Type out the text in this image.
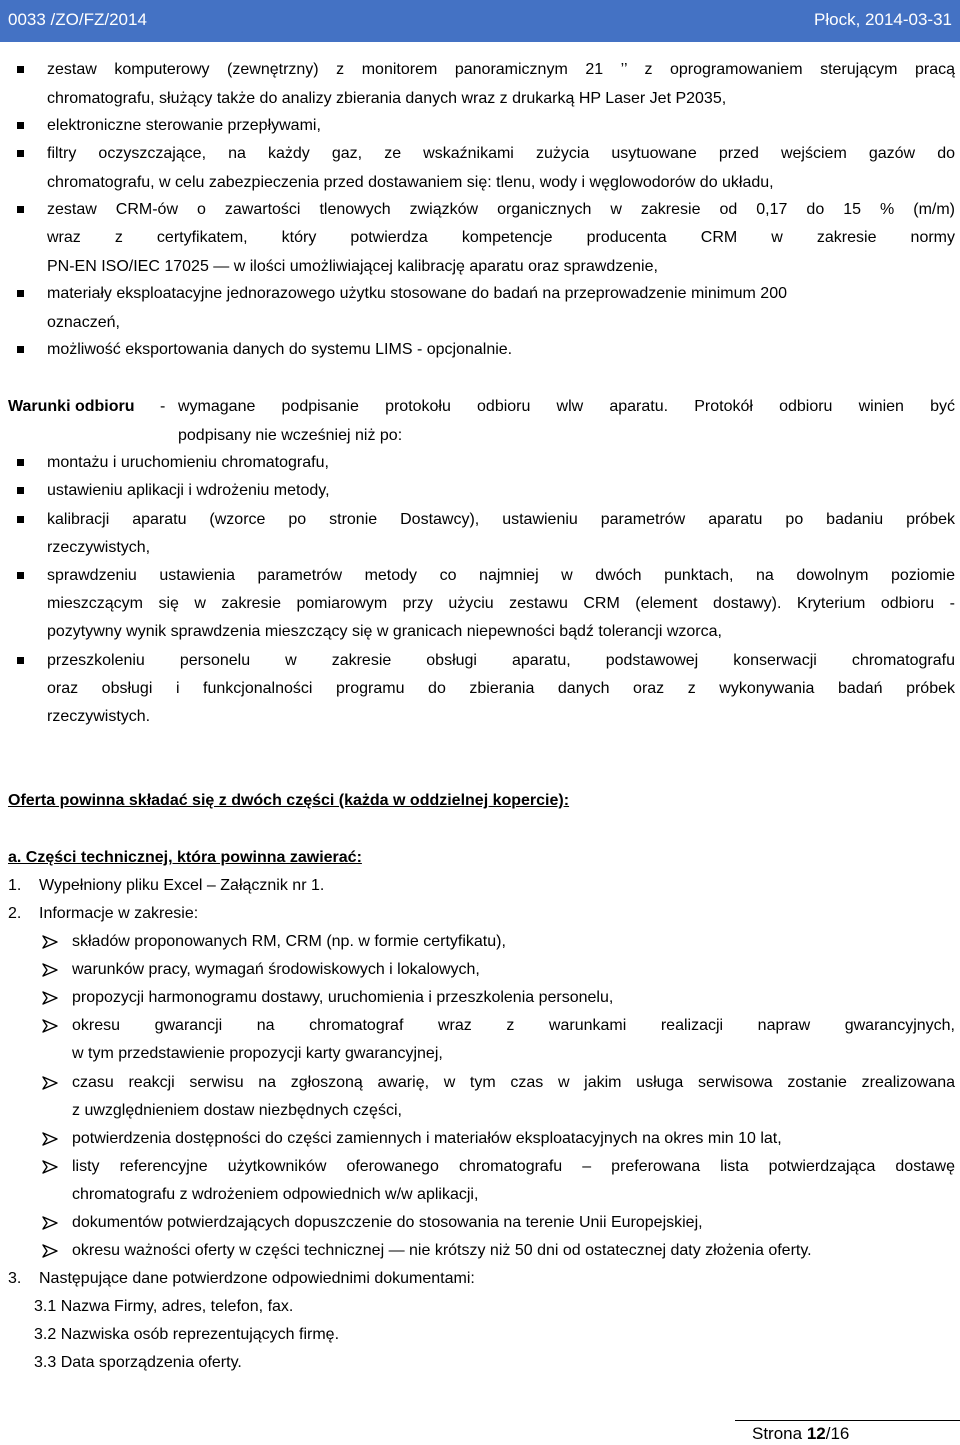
0033 /ZO/FZ/2014	Płock, 2014-03-31
zestaw komputerowy (zewnętrzny) z monitorem panoramicznym 21 ’’ z oprogramowaniem sterującym pracą
chromatografu, służący także do analizy zbierania danych wraz z drukarką HP Laser Jet P2035,
elektroniczne sterowanie przepływami,
filtry oczyszczające, na każdy gaz, ze wskaźnikami zużycia usytuowane przed wejściem gazów do
chromatografu, w celu zabezpieczenia przed dostawaniem się: tlenu, wody i węglowodorów do układu,
zestaw CRM-ów o zawartości tlenowych związków organicznych w zakresie od 0,17 do 15 % (m/m)
wraz z certyfikatem, który potwierdza kompetencje producenta CRM w zakresie normy
PN-EN ISO/IEC 17025 — w ilości umożliwiającej kalibrację aparatu oraz sprawdzenie,
materiały eksploatacyjne jednorazowego użytku stosowane do badań na przeprowadzenie minimum 200
oznaczeń,
możliwość eksportowania danych do systemu LIMS - opcjonalnie.
Warunki odbioru - wymagane podpisanie protokołu odbioru wlw aparatu. Protokół odbioru winien być
podpisany nie wcześniej niż po:
montażu i uruchomieniu chromatografu,
ustawieniu aplikacji i wdrożeniu metody,
kalibracji aparatu (wzorce po stronie Dostawcy), ustawieniu parametrów aparatu po badaniu próbek
rzeczywistych,
sprawdzeniu ustawienia parametrów metody co najmniej w dwóch punktach, na dowolnym poziomie
mieszczącym się w zakresie pomiarowym przy użyciu zestawu CRM (element dostawy). Kryterium odbioru -
pozytywny wynik sprawdzenia mieszczący się w granicach niepewności bądź tolerancji wzorca,
przeszkoleniu personelu w zakresie obsługi aparatu, podstawowej konserwacji chromatografu
oraz obsługi i funkcjonalności programu do zbierania danych oraz z wykonywania badań próbek
rzeczywistych.
Oferta powinna składać się z dwóch części (każda w oddzielnej kopercie):
a. Części technicznej, która powinna zawierać:
1. Wypełniony pliku Excel – Załącznik nr 1.
2. Informacje w zakresie:
składów proponowanych RM, CRM (np. w formie certyfikatu),
warunków pracy, wymagań środowiskowych i lokalowych,
propozycji harmonogramu dostawy, uruchomienia i przeszkolenia personelu,
okresu gwarancji na chromatograf wraz z warunkami realizacji napraw gwarancyjnych,
w tym przedstawienie propozycji karty gwarancyjnej,
czasu reakcji serwisu na zgłoszoną awarię, w tym czas w jakim usługa serwisowa zostanie zrealizowana
z uwzględnieniem dostaw niezbędnych części,
potwierdzenia dostępności do części zamiennych i materiałów eksploatacyjnych na okres min 10 lat,
listy referencyjne użytkowników oferowanego chromatografu – preferowana lista potwierdzająca dostawę
chromatografu z wdrożeniem odpowiednich w/w aplikacji,
dokumentów potwierdzających dopuszczenie do stosowania na terenie Unii Europejskiej,
okresu ważności oferty w części technicznej — nie krótszy niż 50 dni od ostatecznej daty złożenia oferty.
3. Następujące dane potwierdzone odpowiednimi dokumentami:
3.1 Nazwa Firmy, adres, telefon, fax.
3.2 Nazwiska osób reprezentujących firmę.
3.3 Data sporządzenia oferty.
Strona 12/16
